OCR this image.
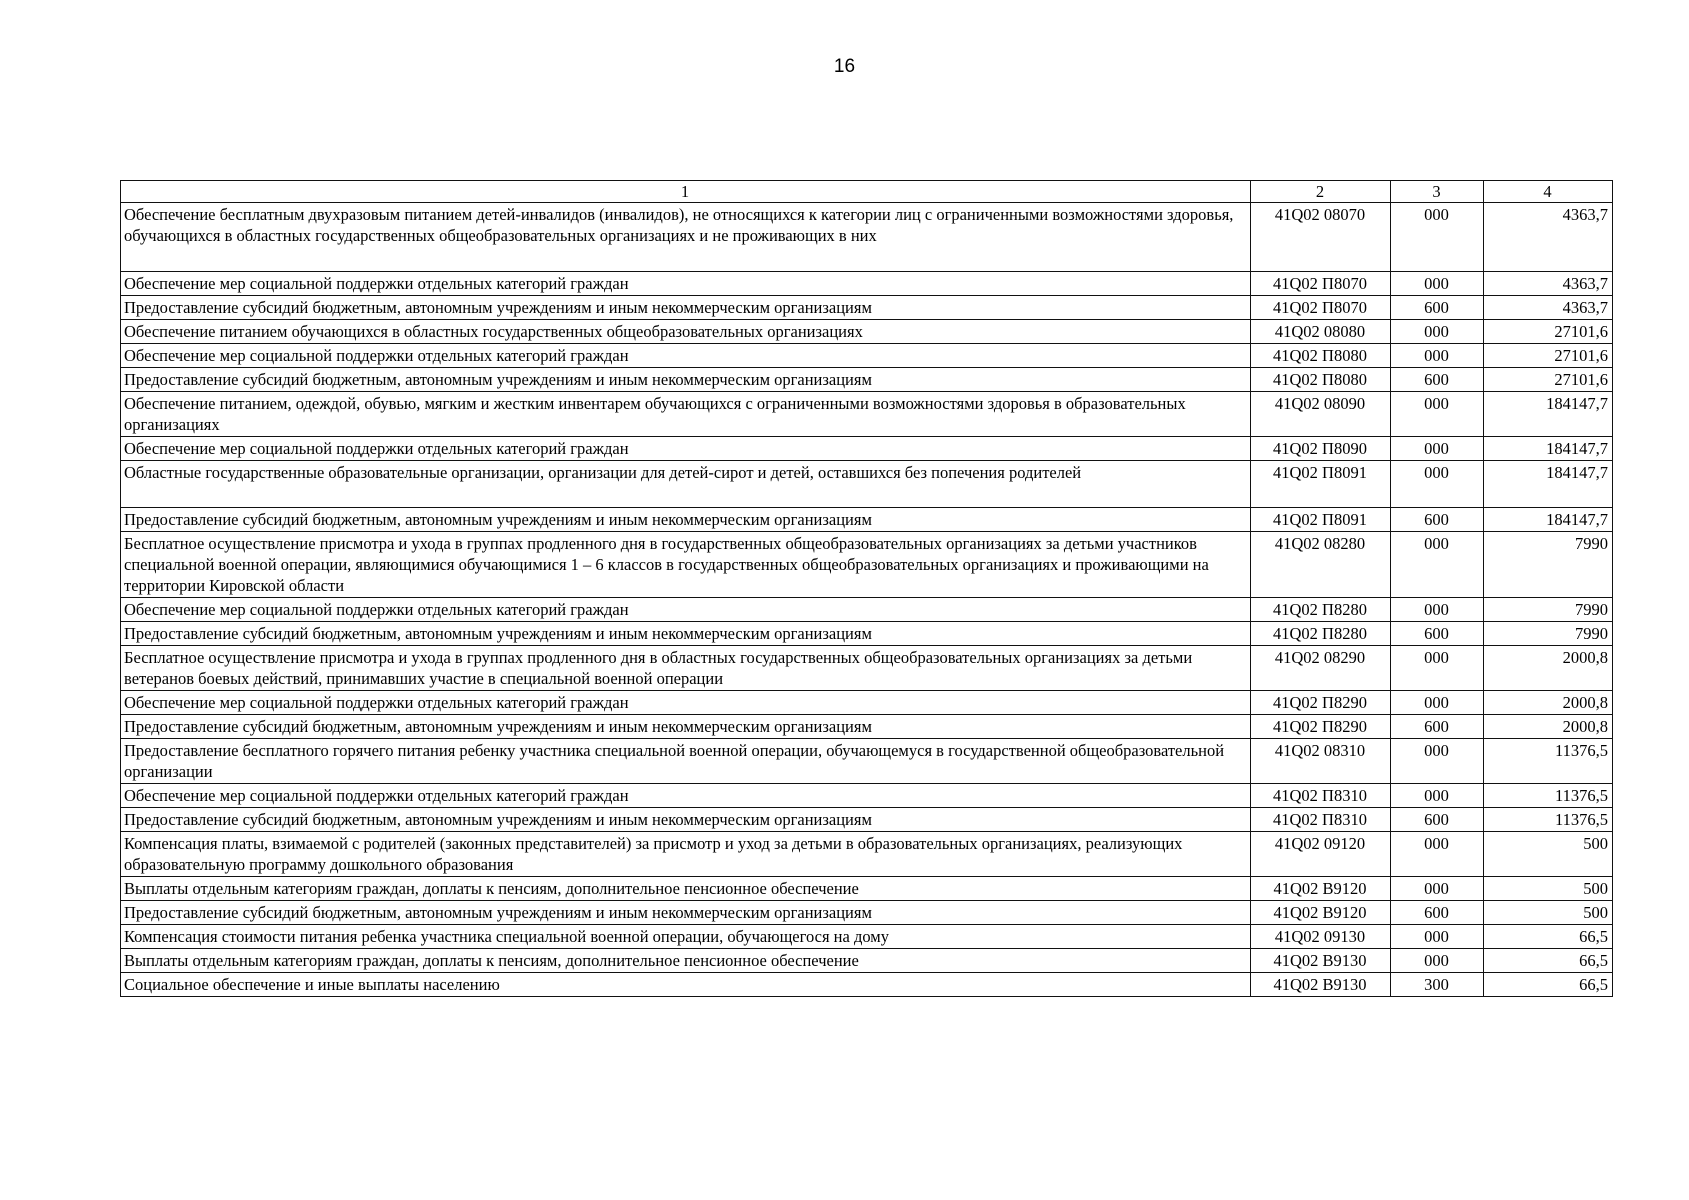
16
1	2	3	4
Обеспечение бесплатным двухразовым питанием детей-инвалидов (инвалидов), не относящихся к категории лиц с ограниченными возможностями здоровья, обучающихся в областных государственных общеобразовательных организациях и не проживающих в них	41Q02 08070	000	4363,7
Обеспечение мер социальной поддержки отдельных категорий граждан	41Q02 П8070	000	4363,7
Предоставление субсидий бюджетным, автономным учреждениям и иным некоммерческим организациям	41Q02 П8070	600	4363,7
Обеспечение питанием обучающихся в областных государственных общеобразовательных организациях	41Q02 08080	000	27101,6
Обеспечение мер социальной поддержки отдельных категорий граждан	41Q02 П8080	000	27101,6
Предоставление субсидий бюджетным, автономным учреждениям и иным некоммерческим организациям	41Q02 П8080	600	27101,6
Обеспечение питанием, одеждой, обувью, мягким и жестким инвентарем обучающихся с ограниченными возможностями здоровья в образовательных организациях	41Q02 08090	000	184147,7
Обеспечение мер социальной поддержки отдельных категорий граждан	41Q02 П8090	000	184147,7
Областные государственные образовательные организации, организации для детей-сирот и детей, оставшихся без попечения родителей	41Q02 П8091	000	184147,7
Предоставление субсидий бюджетным, автономным учреждениям и иным некоммерческим организациям	41Q02 П8091	600	184147,7
Бесплатное осуществление присмотра и ухода в группах продленного дня в государственных общеобразовательных организациях за детьми участников специальной военной операции, являющимися обучающимися 1 – 6 классов в государственных общеобразовательных организациях и проживающими на территории Кировской области	41Q02 08280	000	7990
Обеспечение мер социальной поддержки отдельных категорий граждан	41Q02 П8280	000	7990
Предоставление субсидий бюджетным, автономным учреждениям и иным некоммерческим организациям	41Q02 П8280	600	7990
Бесплатное осуществление присмотра и ухода в группах продленного дня в областных государственных общеобразовательных организациях за детьми ветеранов боевых действий, принимавших участие в специальной военной операции	41Q02 08290	000	2000,8
Обеспечение мер социальной поддержки отдельных категорий граждан	41Q02 П8290	000	2000,8
Предоставление субсидий бюджетным, автономным учреждениям и иным некоммерческим организациям	41Q02 П8290	600	2000,8
Предоставление бесплатного горячего питания ребенку участника специальной военной операции, обучающемуся в государственной общеобразовательной организации	41Q02 08310	000	11376,5
Обеспечение мер социальной поддержки отдельных категорий граждан	41Q02 П8310	000	11376,5
Предоставление субсидий бюджетным, автономным учреждениям и иным некоммерческим организациям	41Q02 П8310	600	11376,5
Компенсация платы, взимаемой с родителей (законных представителей) за присмотр и уход за детьми в образовательных организациях, реализующих образовательную программу дошкольного образования	41Q02 09120	000	500
Выплаты отдельным категориям граждан, доплаты к пенсиям, дополнительное пенсионное обеспечение	41Q02 В9120	000	500
Предоставление субсидий бюджетным, автономным учреждениям и иным некоммерческим организациям	41Q02 В9120	600	500
Компенсация стоимости питания ребенка участника специальной военной операции, обучающегося на дому	41Q02 09130	000	66,5
Выплаты отдельным категориям граждан, доплаты к пенсиям, дополнительное пенсионное обеспечение	41Q02 В9130	000	66,5
Социальное обеспечение и иные выплаты населению	41Q02 В9130	300	66,5
